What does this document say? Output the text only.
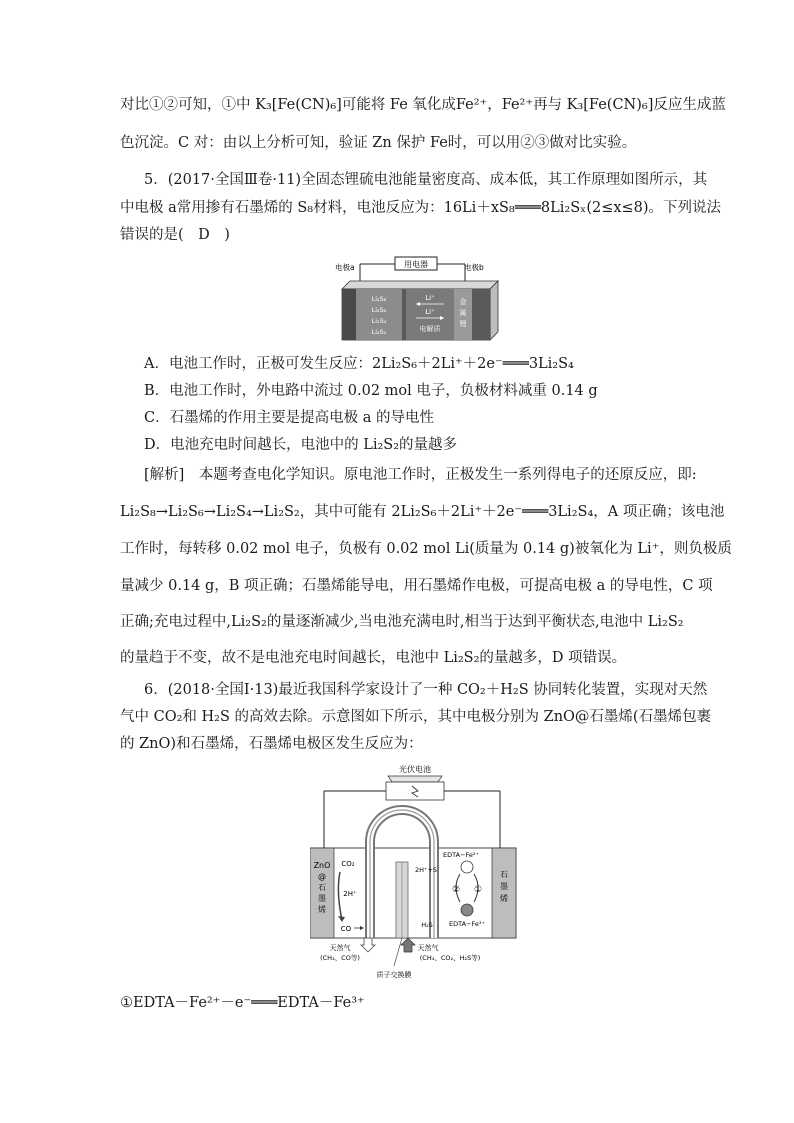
对比①②可知，①中 K₃[Fe(CN)₆]可能将 Fe 氧化成Fe²⁺，Fe²⁺再与 K₃[Fe(CN)₆]反应生成蓝
色沉淀。C 对：由以上分析可知，验证 Zn 保护 Fe时，可以用②③做对比实验。
5．(2017·全国Ⅲ卷·11)全固态锂硫电池能量密度高、成本低，其工作原理如图所示，其
中电极 a常用掺有石墨烯的 S₈材料，电池反应为：16Li＋xS₈═══8Li₂Sₓ(2≤x≤8)。下列说法
错误的是(　D　)
用电器
电极a	电极b
Li₂S₈
Li₂S₆
Li₂S₄
Li₂S₂
Li⁺
Li⁺
电解质
金
属
锂
A．电池工作时，正极可发生反应：2Li₂S₆＋2Li⁺＋2e⁻═══3Li₂S₄
B．电池工作时，外电路中流过 0.02 mol 电子，负极材料减重 0.14 g
C．石墨烯的作用主要是提高电极 a 的导电性
D．电池充电时间越长，电池中的 Li₂S₂的量越多
[解析]　本题考查电化学知识。原电池工作时，正极发生一系列得电子的还原反应，即:
Li₂S₈→Li₂S₆→Li₂S₄→Li₂S₂，其中可能有 2Li₂S₆＋2Li⁺＋2e⁻═══3Li₂S₄，A 项正确；该电池
工作时，每转移 0.02 mol 电子，负极有 0.02 mol Li(质量为 0.14 g)被氧化为 Li⁺，则负极质
量减少 0.14 g，B 项正确；石墨烯能导电，用石墨烯作电极，可提高电极 a 的导电性，C 项
正确;充电过程中,Li₂S₂的量逐渐减少,当电池充满电时,相当于达到平衡状态,电池中 Li₂S₂
的量趋于不变，故不是电池充电时间越长，电池中 Li₂S₂的量越多，D 项错误。
6．(2018·全国Ⅰ·13)最近我国科学家设计了一种 CO₂＋H₂S 协同转化装置，实现对天然
气中 CO₂和 H₂S 的高效去除。示意图如下所示，其中电极分别为 ZnO@石墨烯(石墨烯包裹
的 ZnO)和石墨烯，石墨烯电极区发生反应为：
光伏电池
ZnO
@
石
墨
烯
石
墨
烯
CO₂
2H⁺
CO
EDTA−Fe²⁺
2H⁺+S
② ①
H₂S EDTA−Fe³⁺
天然气
(CH₄、CO等)
天然气
(CH₄、CO₂、H₂S等)
质子交换膜
①EDTA－Fe²⁺－e⁻═══EDTA－Fe³⁺
